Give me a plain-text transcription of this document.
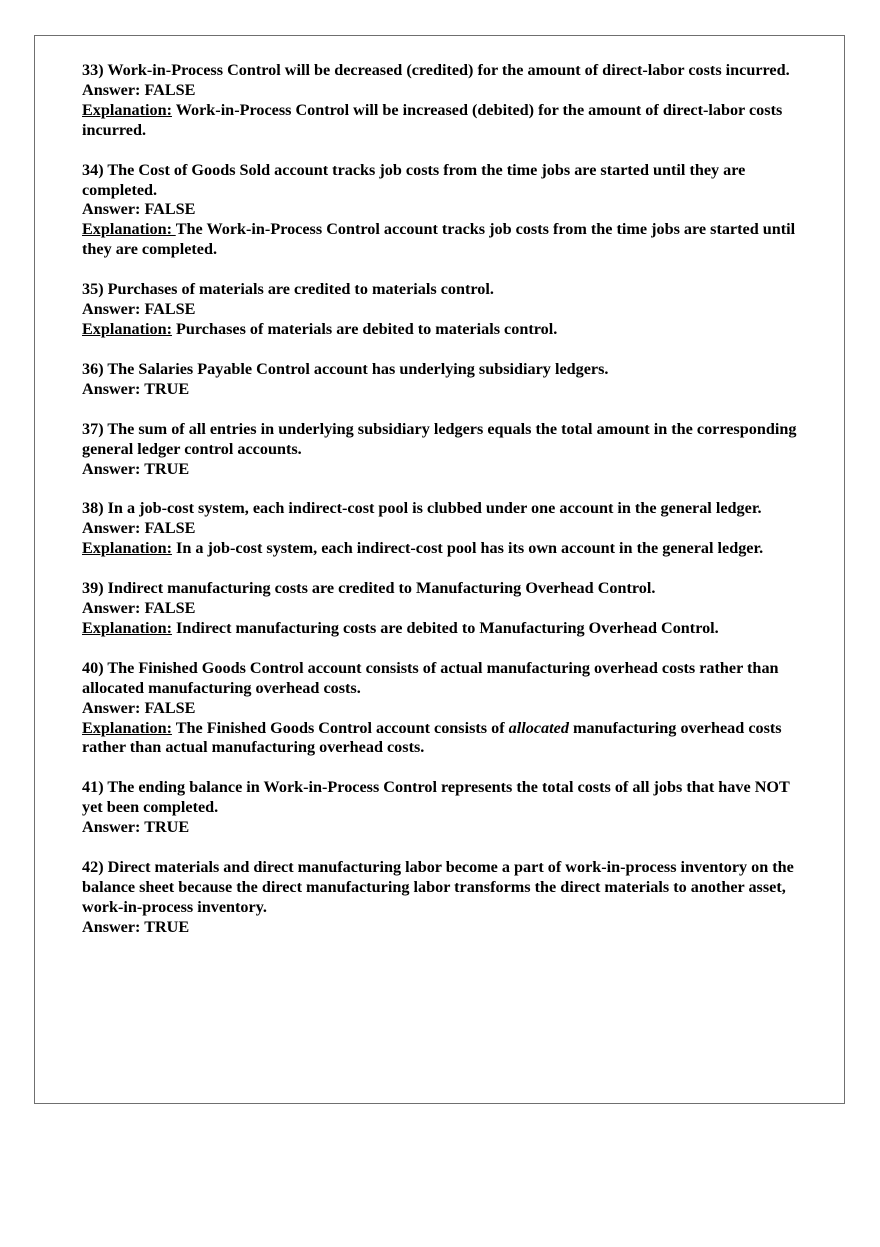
33) Work-in-Process Control will be decreased (credited) for the amount of direct-labor costs incurred.
Answer: FALSE
Explanation: Work-in-Process Control will be increased (debited) for the amount of direct-labor costs incurred.
34) The Cost of Goods Sold account tracks job costs from the time jobs are started until they are completed.
Answer: FALSE
Explanation: The Work-in-Process Control account tracks job costs from the time jobs are started until they are completed.
35) Purchases of materials are credited to materials control.
Answer: FALSE
Explanation: Purchases of materials are debited to materials control.
36) The Salaries Payable Control account has underlying subsidiary ledgers.
Answer: TRUE
37) The sum of all entries in underlying subsidiary ledgers equals the total amount in the corresponding general ledger control accounts.
Answer: TRUE
38) In a job-cost system, each indirect-cost pool is clubbed under one account in the general ledger.
Answer: FALSE
Explanation: In a job-cost system, each indirect-cost pool has its own account in the general ledger.
39) Indirect manufacturing costs are credited to Manufacturing Overhead Control.
Answer: FALSE
Explanation: Indirect manufacturing costs are debited to Manufacturing Overhead Control.
40) The Finished Goods Control account consists of actual manufacturing overhead costs rather than allocated manufacturing overhead costs.
Answer: FALSE
Explanation: The Finished Goods Control account consists of allocated manufacturing overhead costs rather than actual manufacturing overhead costs.
41) The ending balance in Work-in-Process Control represents the total costs of all jobs that have NOT yet been completed.
Answer: TRUE
42) Direct materials and direct manufacturing labor become a part of work-in-process inventory on the balance sheet because the direct manufacturing labor transforms the direct materials to another asset, work-in-process inventory.
Answer: TRUE
